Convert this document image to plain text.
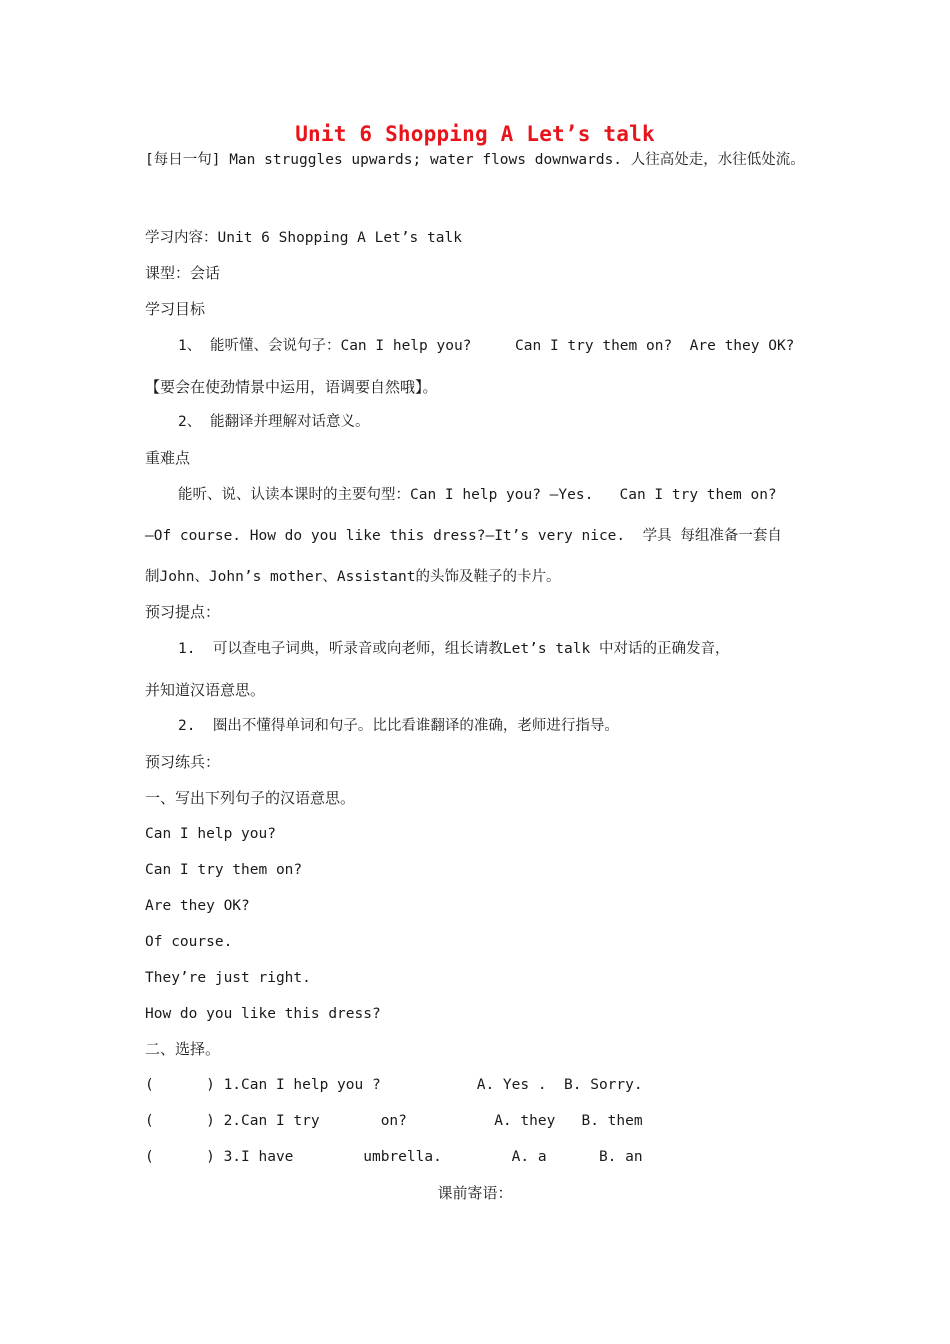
Unit 6 Shopping A Let’s talk
[每日一句] Man struggles upwards; water flows downwards. 人往高处走，水往低处流。
学习内容：Unit 6 Shopping A Let’s talk
课型：会话
学习目标
1、 能听懂、会说句子：Can I help you?     Can I try them on?  Are they OK?
【要会在使劲情景中运用，语调要自然哦】。
2、 能翻译并理解对话意义。
重难点
能听、说、认读本课时的主要句型：Can I help you? —Yes.   Can I try them on?
—Of course. How do you like this dress?—It’s very nice.  学具 每组准备一套自
制John、John’s mother、Assistant的头饰及鞋子的卡片。
预习提点：
1.  可以查电子词典，听录音或向老师，组长请教Let’s talk 中对话的正确发音，
并知道汉语意思。
2.  圈出不懂得单词和句子。比比看谁翻译的准确，老师进行指导。
预习练兵：
一、写出下列句子的汉语意思。
Can I help you?
Can I try them on?
Are they OK?
Of course.
They’re just right.
How do you like this dress?
二、选择。
(      ) 1.Can I help you ?           A. Yes .  B. Sorry.
(      ) 2.Can I try       on?          A. they   B. them
(      ) 3.I have        umbrella.        A. a      B. an
课前寄语：
